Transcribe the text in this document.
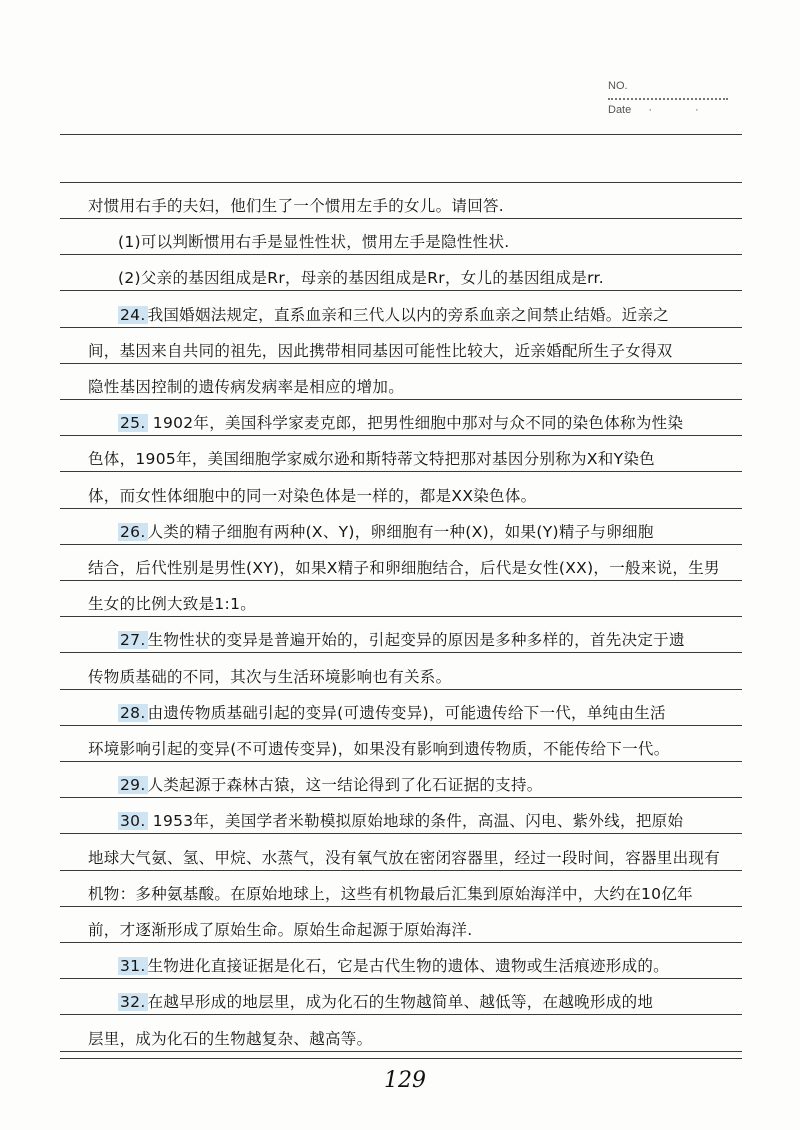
NO.
Date · ·
对惯用右手的夫妇，他们生了一个惯用左手的女儿。请回答.
(1)可以判断惯用右手是显性性状，惯用左手是隐性性状.
(2)父亲的基因组成是Rr，母亲的基因组成是Rr，女儿的基因组成是rr.
24. 我国婚姻法规定，直系血亲和三代人以内的旁系血亲之间禁止结婚。近亲之
间，基因来自共同的祖先，因此携带相同基因可能性比较大，近亲婚配所生子女得双
隐性基因控制的遗传病发病率是相应的增加。
25. 1902年，美国科学家麦克郎，把男性细胞中那对与众不同的染色体称为性染
色体，1905年，美国细胞学家威尔逊和斯特蒂文特把那对基因分别称为X和Y染色
体，而女性体细胞中的同一对染色体是一样的，都是XX染色体。
26. 人类的精子细胞有两种(X、Y)，卵细胞有一种(X)，如果(Y)精子与卵细胞
结合，后代性别是男性(XY)，如果X精子和卵细胞结合，后代是女性(XX)，一般来说，生男
生女的比例大致是1:1。
27. 生物性状的变异是普遍开始的，引起变异的原因是多种多样的，首先决定于遗
传物质基础的不同，其次与生活环境影响也有关系。
28. 由遗传物质基础引起的变异(可遗传变异)，可能遗传给下一代，单纯由生活
环境影响引起的变异(不可遗传变异)，如果没有影响到遗传物质，不能传给下一代。
29. 人类起源于森林古猿，这一结论得到了化石证据的支持。
30. 1953年，美国学者米勒模拟原始地球的条件，高温、闪电、紫外线，把原始
地球大气氨、氢、甲烷、水蒸气，没有氧气放在密闭容器里，经过一段时间，容器里出现有
机物：多种氨基酸。在原始地球上，这些有机物最后汇集到原始海洋中，大约在10亿年
前，才逐渐形成了原始生命。原始生命起源于原始海洋.
31. 生物进化直接证据是化石，它是古代生物的遗体、遗物或生活痕迹形成的。
32. 在越早形成的地层里，成为化石的生物越简单、越低等，在越晚形成的地
层里，成为化石的生物越复杂、越高等。
129
